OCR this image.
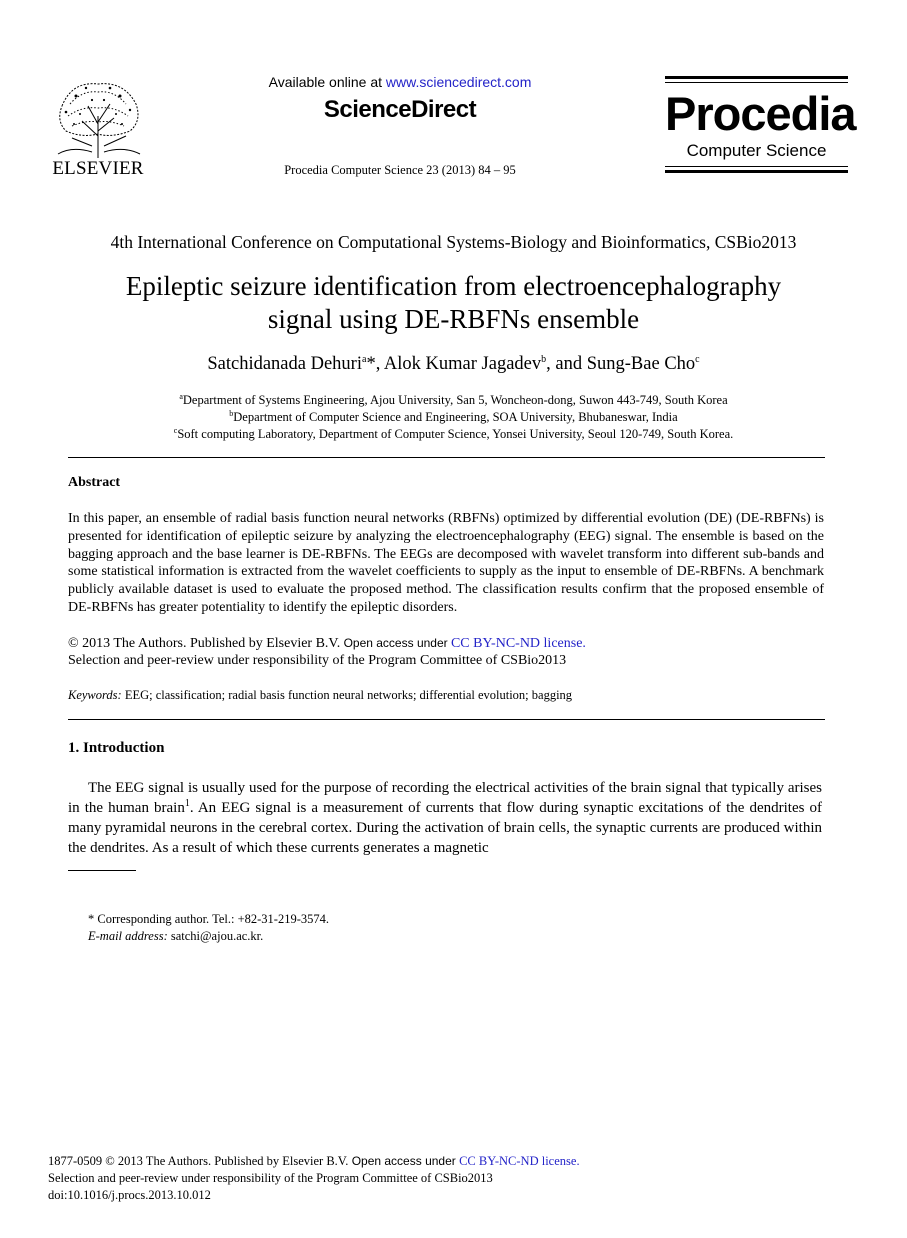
ELSEVIER
Available online at www.sciencedirect.com
ScienceDirect
Procedia Computer Science 23 (2013) 84 – 95
Procedia
Computer Science
4th International Conference on Computational Systems-Biology and Bioinformatics, CSBio2013
Epileptic seizure identification from electroencephalography
signal using DE-RBFNs ensemble
Satchidanada Dehuri$^a$*, Alok Kumar Jagadev$^b$, and Sung-Bae Cho$^c$
$^a$Department of Systems Engineering, Ajou University, San 5, Woncheon-dong, Suwon 443-749, South Korea
$^b$Department of Computer Science and Engineering, SOA University, Bhubaneswar, India
$^c$Soft computing Laboratory, Department of Computer Science, Yonsei University, Seoul 120-749, South Korea.
Abstract
In this paper, an ensemble of radial basis function neural networks (RBFNs) optimized by differential evolution (DE) (DE-RBFNs) is presented for identification of epileptic seizure by analyzing the electroencephalography (EEG) signal. The ensemble is based on the bagging approach and the base learner is DE-RBFNs. The EEGs are decomposed with wavelet transform into different sub-bands and some statistical information is extracted from the wavelet coefficients to supply as the input to ensemble of DE-RBFNs. A benchmark publicly available dataset is used to evaluate the proposed method. The classification results confirm that the proposed ensemble of DE-RBFNs has greater potentiality to identify the epileptic disorders.
© 2013 The Authors. Published by Elsevier B.V. Open access under CC BY-NC-ND license.
Selection and peer-review under responsibility of the Program Committee of CSBio2013
Keywords: EEG; classification; radial basis function neural networks; differential evolution; bagging
1. Introduction

The EEG signal is usually used for the purpose of recording the electrical activities of the brain signal that typically arises in the human brain$^1$. An EEG signal is a measurement of currents that flow during synaptic excitations of the dendrites of many pyramidal neurons in the cerebral cortex. During the activation of brain cells, the synaptic currents are produced within the dendrites. As a result of which these currents generates a magnetic

* Corresponding author. Tel.: +82-31-219-3574.
E-mail address: satchi@ajou.ac.kr.
1877-0509 © 2013 The Authors. Published by Elsevier B.V. Open access under CC BY-NC-ND license.
Selection and peer-review under responsibility of the Program Committee of CSBio2013
doi:10.1016/j.procs.2013.10.012
